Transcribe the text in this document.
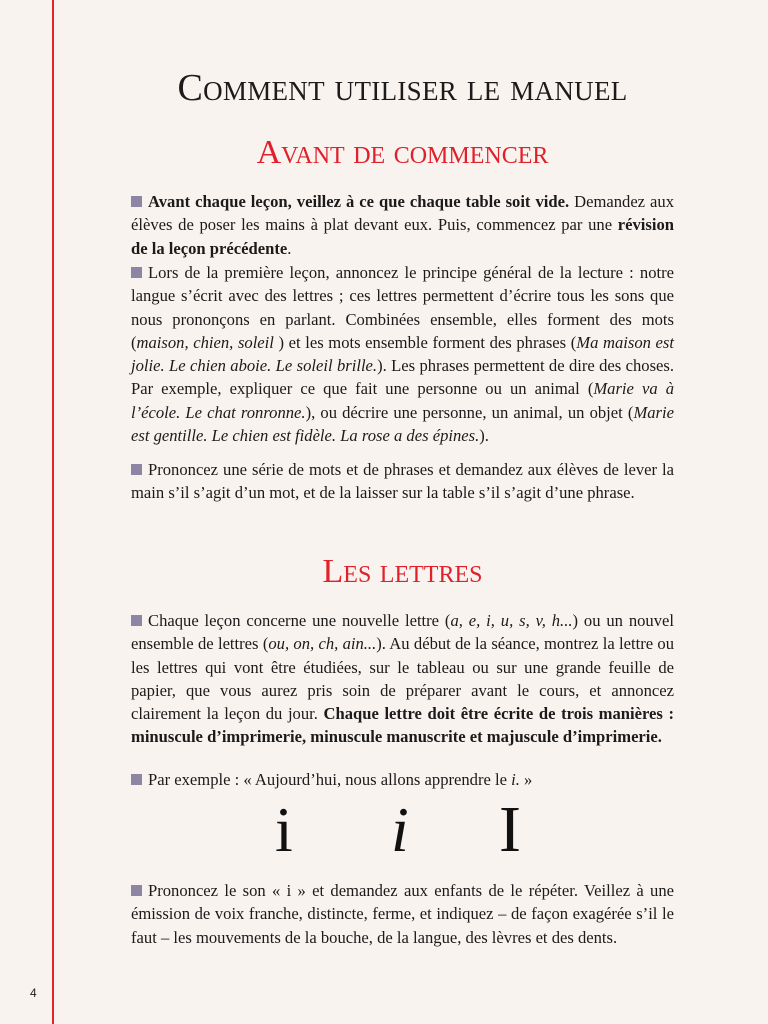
4
Comment utiliser le manuel
Avant de commencer

Avant chaque leçon, veillez à ce que chaque table soit vide. Demandez aux élèves de poser les mains à plat devant eux. Puis, commencez par une révision de la leçon précédente.

Lors de la première leçon, annoncez le principe général de la lecture : notre langue s’écrit avec des lettres ; ces lettres permettent d’écrire tous les sons que nous prononçons en parlant. Combinées ensemble, elles forment des mots (maison, chien, soleil ) et les mots ensemble forment des phrases (Ma maison est jolie. Le chien aboie. Le soleil brille.). Les phrases permettent de dire des choses. Par exemple, expliquer ce que fait une personne ou un animal (Marie va à l’école. Le chat ronronne.), ou décrire une personne, un animal, un objet (Marie est gentille. Le chien est fidèle. La rose a des épines.).

Prononcez une série de mots et de phrases et demandez aux élèves de lever la main s’il s’agit d’un mot, et de la laisser sur la table s’il s’agit d’une phrase.

Les lettres

Chaque leçon concerne une nouvelle lettre (a, e, i, u, s, v, h...) ou un nouvel ensemble de lettres (ou, on, ch, ain...). Au début de la séance, montrez la lettre ou les lettres qui vont être étudiées, sur le tableau ou sur une grande feuille de papier, que vous aurez pris soin de préparer avant le cours, et annoncez clairement la leçon du jour. Chaque lettre doit être écrite de trois manières : minuscule d’imprimerie, minuscule manuscrite et majuscule d’imprimerie.

Par exemple : « Aujourd’hui, nous allons apprendre le i. »

i i I

Prononcez le son « i » et demandez aux enfants de le répéter. Veillez à une émission de voix franche, distincte, ferme, et indiquez – de façon exagérée s’il le faut – les mouvements de la bouche, de la langue, des lèvres et des dents.
